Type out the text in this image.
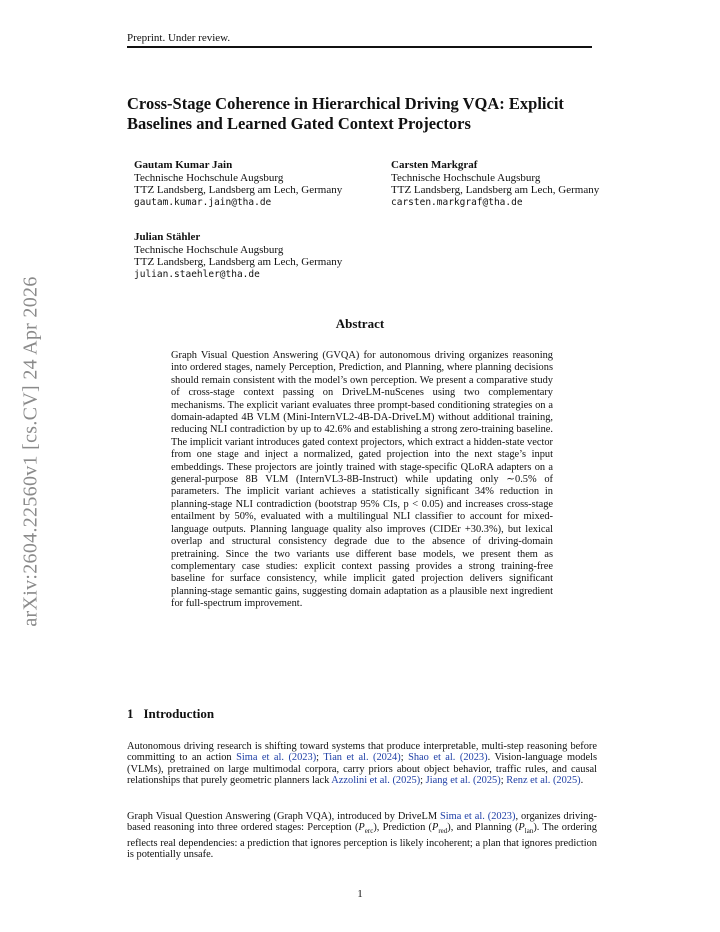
Preprint. Under review.
arXiv:2604.22560v1 [cs.CV] 24 Apr 2026
Cross-Stage Coherence in Hierarchical Driving VQA: Explicit Baselines and Learned Gated Context Projectors
Gautam Kumar Jain
Technische Hochschule Augsburg
TTZ Landsberg, Landsberg am Lech, Germany
gautam.kumar.jain@tha.de
Carsten Markgraf
Technische Hochschule Augsburg
TTZ Landsberg, Landsberg am Lech, Germany
carsten.markgraf@tha.de
Julian Stähler
Technische Hochschule Augsburg
TTZ Landsberg, Landsberg am Lech, Germany
julian.staehler@tha.de
Abstract

Graph Visual Question Answering (GVQA) for autonomous driving organizes reasoning into ordered stages, namely Perception, Prediction, and Planning, where planning decisions should remain consistent with the model’s own perception. We present a comparative study of cross-stage context passing on DriveLM-nuScenes using two complementary mechanisms. The explicit variant evaluates three prompt-based conditioning strategies on a domain-adapted 4B VLM (Mini-InternVL2-4B-DA-DriveLM) without additional training, reducing NLI contradiction by up to 42.6% and establishing a strong zero-training baseline. The implicit variant introduces gated context projectors, which extract a hidden-state vector from one stage and inject a normalized, gated projection into the next stage’s input embeddings. These projectors are jointly trained with stage-specific QLoRA adapters on a general-purpose 8B VLM (InternVL3-8B-Instruct) while updating only ∼0.5% of parameters. The implicit variant achieves a statistically significant 34% reduction in planning-stage NLI contradiction (bootstrap 95% CIs, p < 0.05) and increases cross-stage entailment by 50%, evaluated with a multilingual NLI classifier to account for mixed-language outputs. Planning language quality also improves (CIDEr +30.3%), but lexical overlap and structural consistency degrade due to the absence of driving-domain pretraining. Since the two variants use different base models, we present them as complementary case studies: explicit context passing provides a strong training-free baseline for surface consistency, while implicit gated projection delivers significant planning-stage semantic gains, suggesting domain adaptation as a plausible next ingredient for full-spectrum improvement.

1 Introduction

Autonomous driving research is shifting toward systems that produce interpretable, multi-step reasoning before committing to an action Sima et al. (2023); Tian et al. (2024); Shao et al. (2023). Vision-language models (VLMs), pretrained on large multimodal corpora, carry priors about object behavior, traffic rules, and causal relationships that purely geometric planners lack Azzolini et al. (2025); Jiang et al. (2025); Renz et al. (2025).

Graph Visual Question Answering (Graph VQA), introduced by DriveLM Sima et al. (2023), organizes driving-based reasoning into three ordered stages: Perception $(P_{erc})$, Prediction $(P_{red})$, and Planning $(P_{lan})$. The ordering reflects real dependencies: a prediction that ignores perception is likely incoherent; a plan that ignores prediction is potentially unsafe.

1
